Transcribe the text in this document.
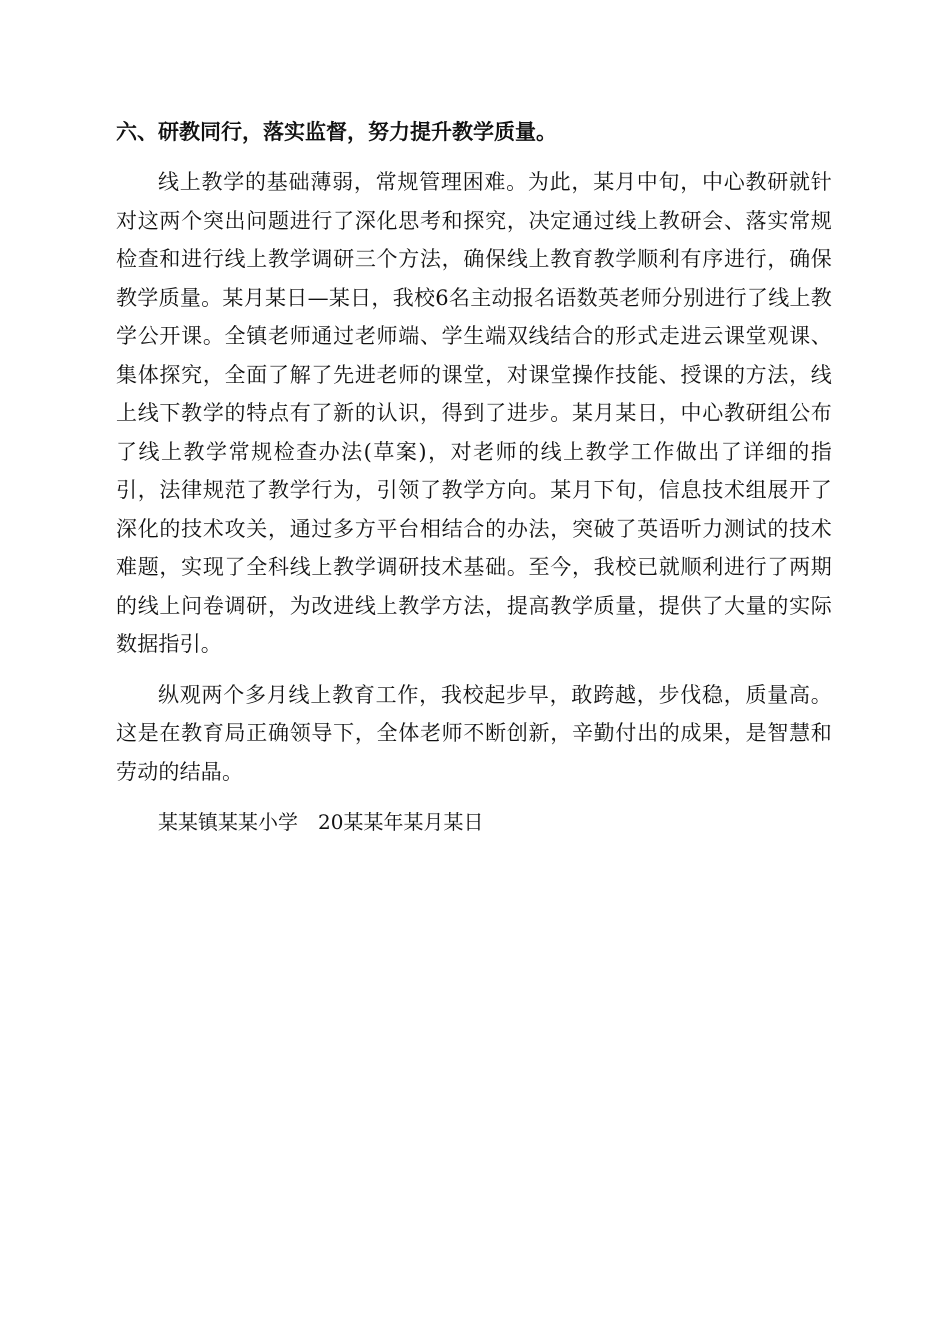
六、研教同行，落实监督，努力提升教学质量。

线上教学的基础薄弱，常规管理困难。为此，某月中旬，中心教研就针对这两个突出问题进行了深化思考和探究，决定通过线上教研会、落实常规检查和进行线上教学调研三个方法，确保线上教育教学顺利有序进行，确保教学质量。某月某日—某日，我校6名主动报名语数英老师分别进行了线上教学公开课。全镇老师通过老师端、学生端双线结合的形式走进云课堂观课、集体探究，全面了解了先进老师的课堂，对课堂操作技能、授课的方法，线上线下教学的特点有了新的认识，得到了进步。某月某日，中心教研组公布了线上教学常规检查办法(草案)，对老师的线上教学工作做出了详细的指引，法律规范了教学行为，引领了教学方向。某月下旬，信息技术组展开了深化的技术攻关，通过多方平台相结合的办法，突破了英语听力测试的技术难题，实现了全科线上教学调研技术基础。至今，我校已就顺利进行了两期的线上问卷调研，为改进线上教学方法，提高教学质量，提供了大量的实际数据指引。

纵观两个多月线上教育工作，我校起步早，敢跨越，步伐稳，质量高。这是在教育局正确领导下，全体老师不断创新，辛勤付出的成果，是智慧和劳动的结晶。

某某镇某某小学　20某某年某月某日
